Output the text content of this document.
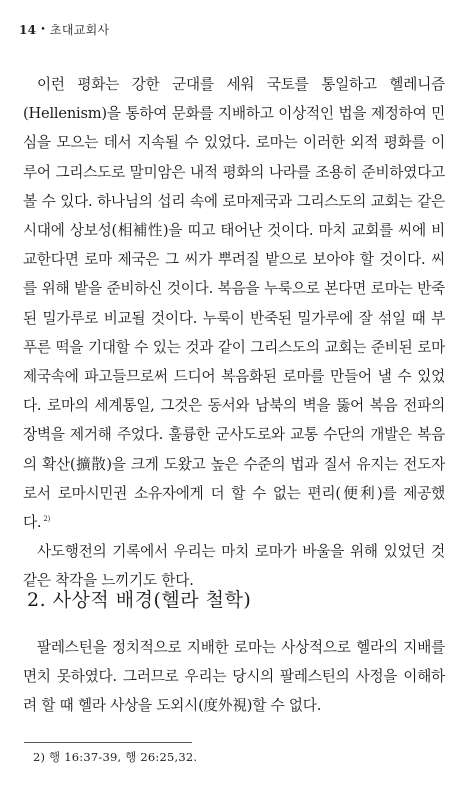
14 • 초대교회사

이런 평화는 강한 군대를 세워 국토를 통일하고 헬레니즘(Hellenism)을 통하여 문화를 지배하고 이상적인 법을 제정하여 민심을 모으는 데서 지속될 수 있었다. 로마는 이러한 외적 평화를 이루어 그리스도로 말미암은 내적 평화의 나라를 조용히 준비하였다고 볼 수 있다. 하나님의 섭리 속에 로마제국과 그리스도의 교회는 같은 시대에 상보성(相補性)을 띠고 태어난 것이다. 마치 교회를 씨에 비교한다면 로마 제국은 그 씨가 뿌려질 밭으로 보아야 할 것이다. 씨를 위해 밭을 준비하신 것이다. 복음을 누룩으로 본다면 로마는 반죽된 밀가루로 비교될 것이다. 누룩이 반죽된 밀가루에 잘 섞일 때 부푸른 떡을 기대할 수 있는 것과 같이 그리스도의 교회는 준비된 로마제국속에 파고들므로써 드디어 복음화된 로마를 만들어 낼 수 있었다. 로마의 세계통일, 그것은 동서와 남북의 벽을 뚫어 복음 전파의 장벽을 제거해 주었다. 훌륭한 군사도로와 교통 수단의 개발은 복음의 확산(擴散)을 크게 도왔고 높은 수준의 법과 질서 유지는 전도자로서 로마시민권 소유자에게 더 할 수 없는 편리(便利)를 제공했다. $^{2)}$

사도행전의 기록에서 우리는 마치 로마가 바울을 위해 있었던 것 같은 착각을 느끼기도 한다.

2. 사상적 배경(헬라 철학)

팔레스틴을 정치적으로 지배한 로마는 사상적으로 헬라의 지배를 면치 못하였다. 그러므로 우리는 당시의 팔레스틴의 사정을 이해하려 할 때 헬라 사상을 도외시(度外視)할 수 없다.

2) 행 16:37-39, 행 26:25,32.
